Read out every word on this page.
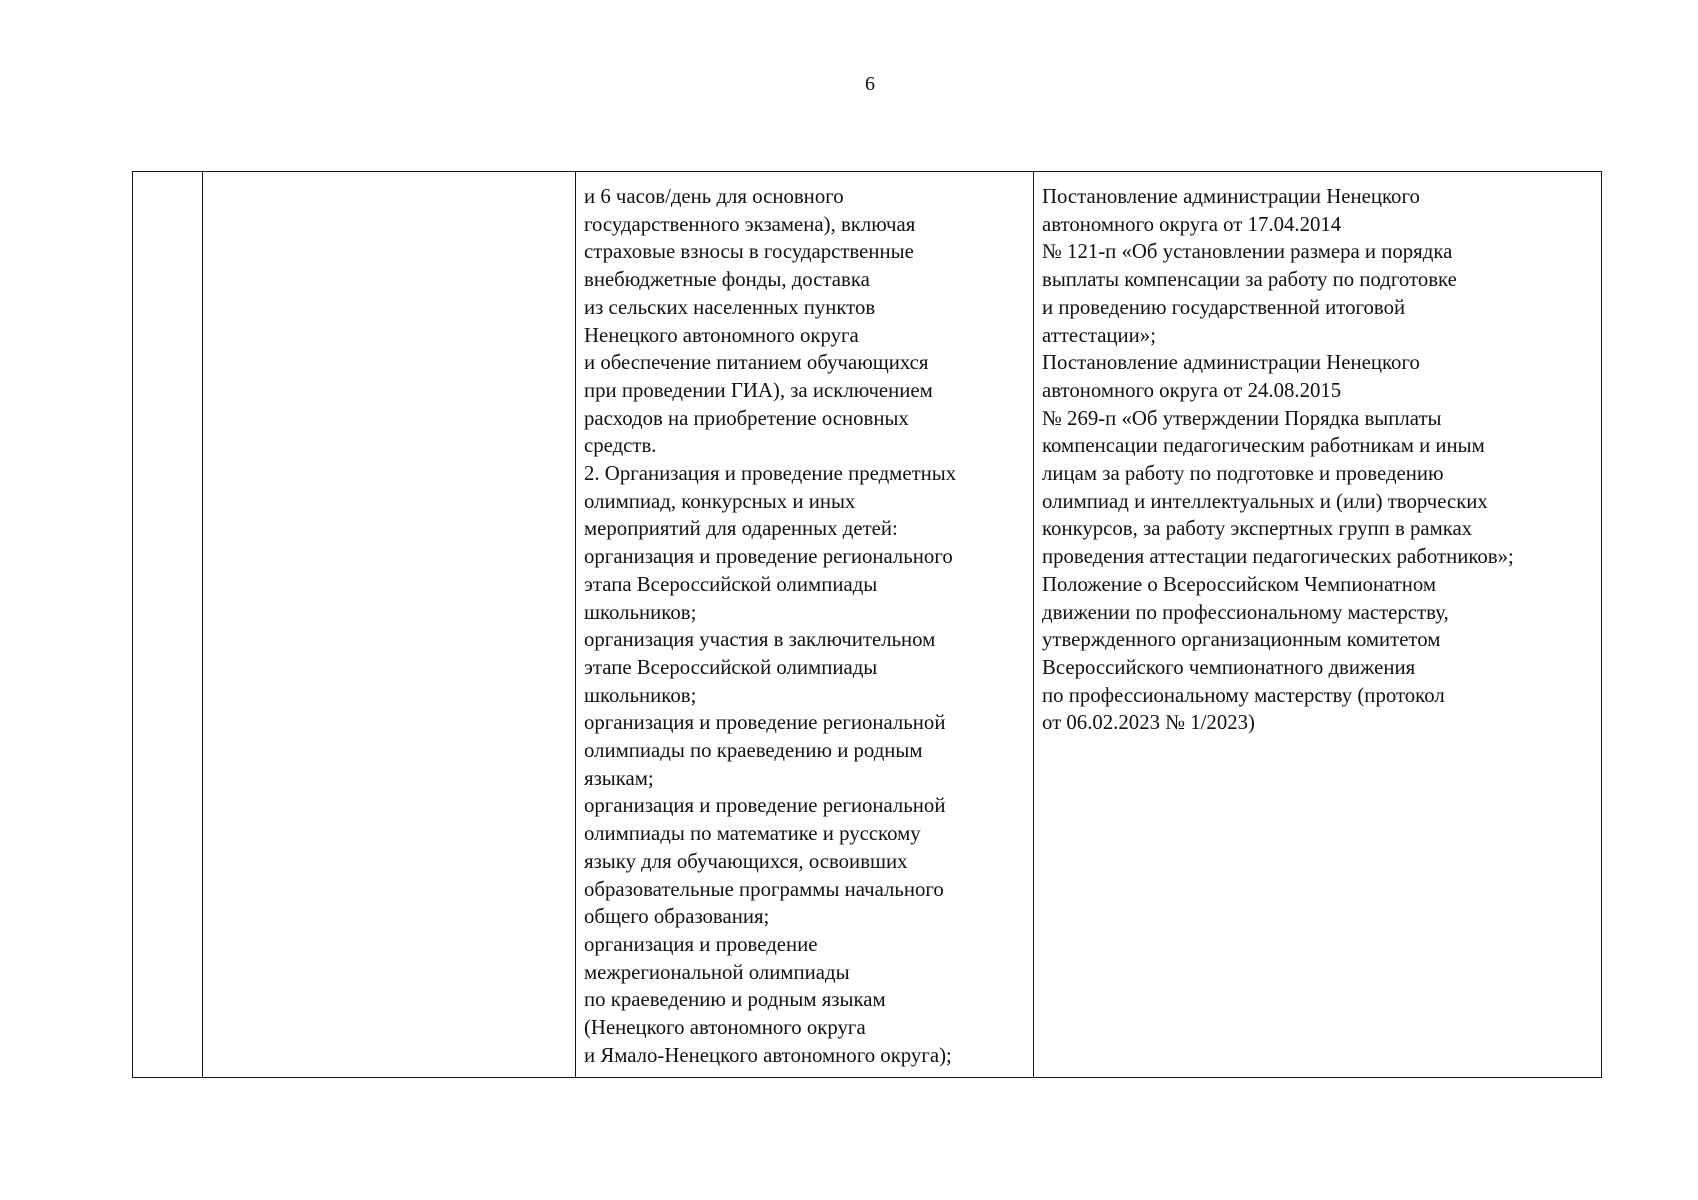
6

и 6 часов/день для основного
государственного экзамена), включая
страховые взносы в государственные
внебюджетные фонды, доставка
из сельских населенных пунктов
Ненецкого автономного округа
и обеспечение питанием обучающихся
при проведении ГИА), за исключением
расходов на приобретение основных
средств.
2. Организация и проведение предметных
олимпиад, конкурсных и иных
мероприятий для одаренных детей:
организация и проведение регионального
этапа Всероссийской олимпиады
школьников;
организация участия в заключительном
этапе Всероссийской олимпиады
школьников;
организация и проведение региональной
олимпиады по краеведению и родным
языкам;
организация и проведение региональной
олимпиады по математике и русскому
языку для обучающихся, освоивших
образовательные программы начального
общего образования;
организация и проведение
межрегиональной олимпиады
по краеведению и родным языкам
(Ненецкого автономного округа
и Ямало-Ненецкого автономного округа);

Постановление администрации Ненецкого
автономного округа от 17.04.2014
№ 121-п «Об установлении размера и порядка
выплаты компенсации за работу по подготовке
и проведению государственной итоговой
аттестации»;
Постановление администрации Ненецкого
автономного округа от 24.08.2015
№ 269-п «Об утверждении Порядка выплаты
компенсации педагогическим работникам и иным
лицам за работу по подготовке и проведению
олимпиад и интеллектуальных и (или) творческих
конкурсов, за работу экспертных групп в рамках
проведения аттестации педагогических работников»;
Положение о Всероссийском Чемпионатном
движении по профессиональному мастерству,
утвержденного организационным комитетом
Всероссийского чемпионатного движения
по профессиональному мастерству (протокол
от 06.02.2023 № 1/2023)
